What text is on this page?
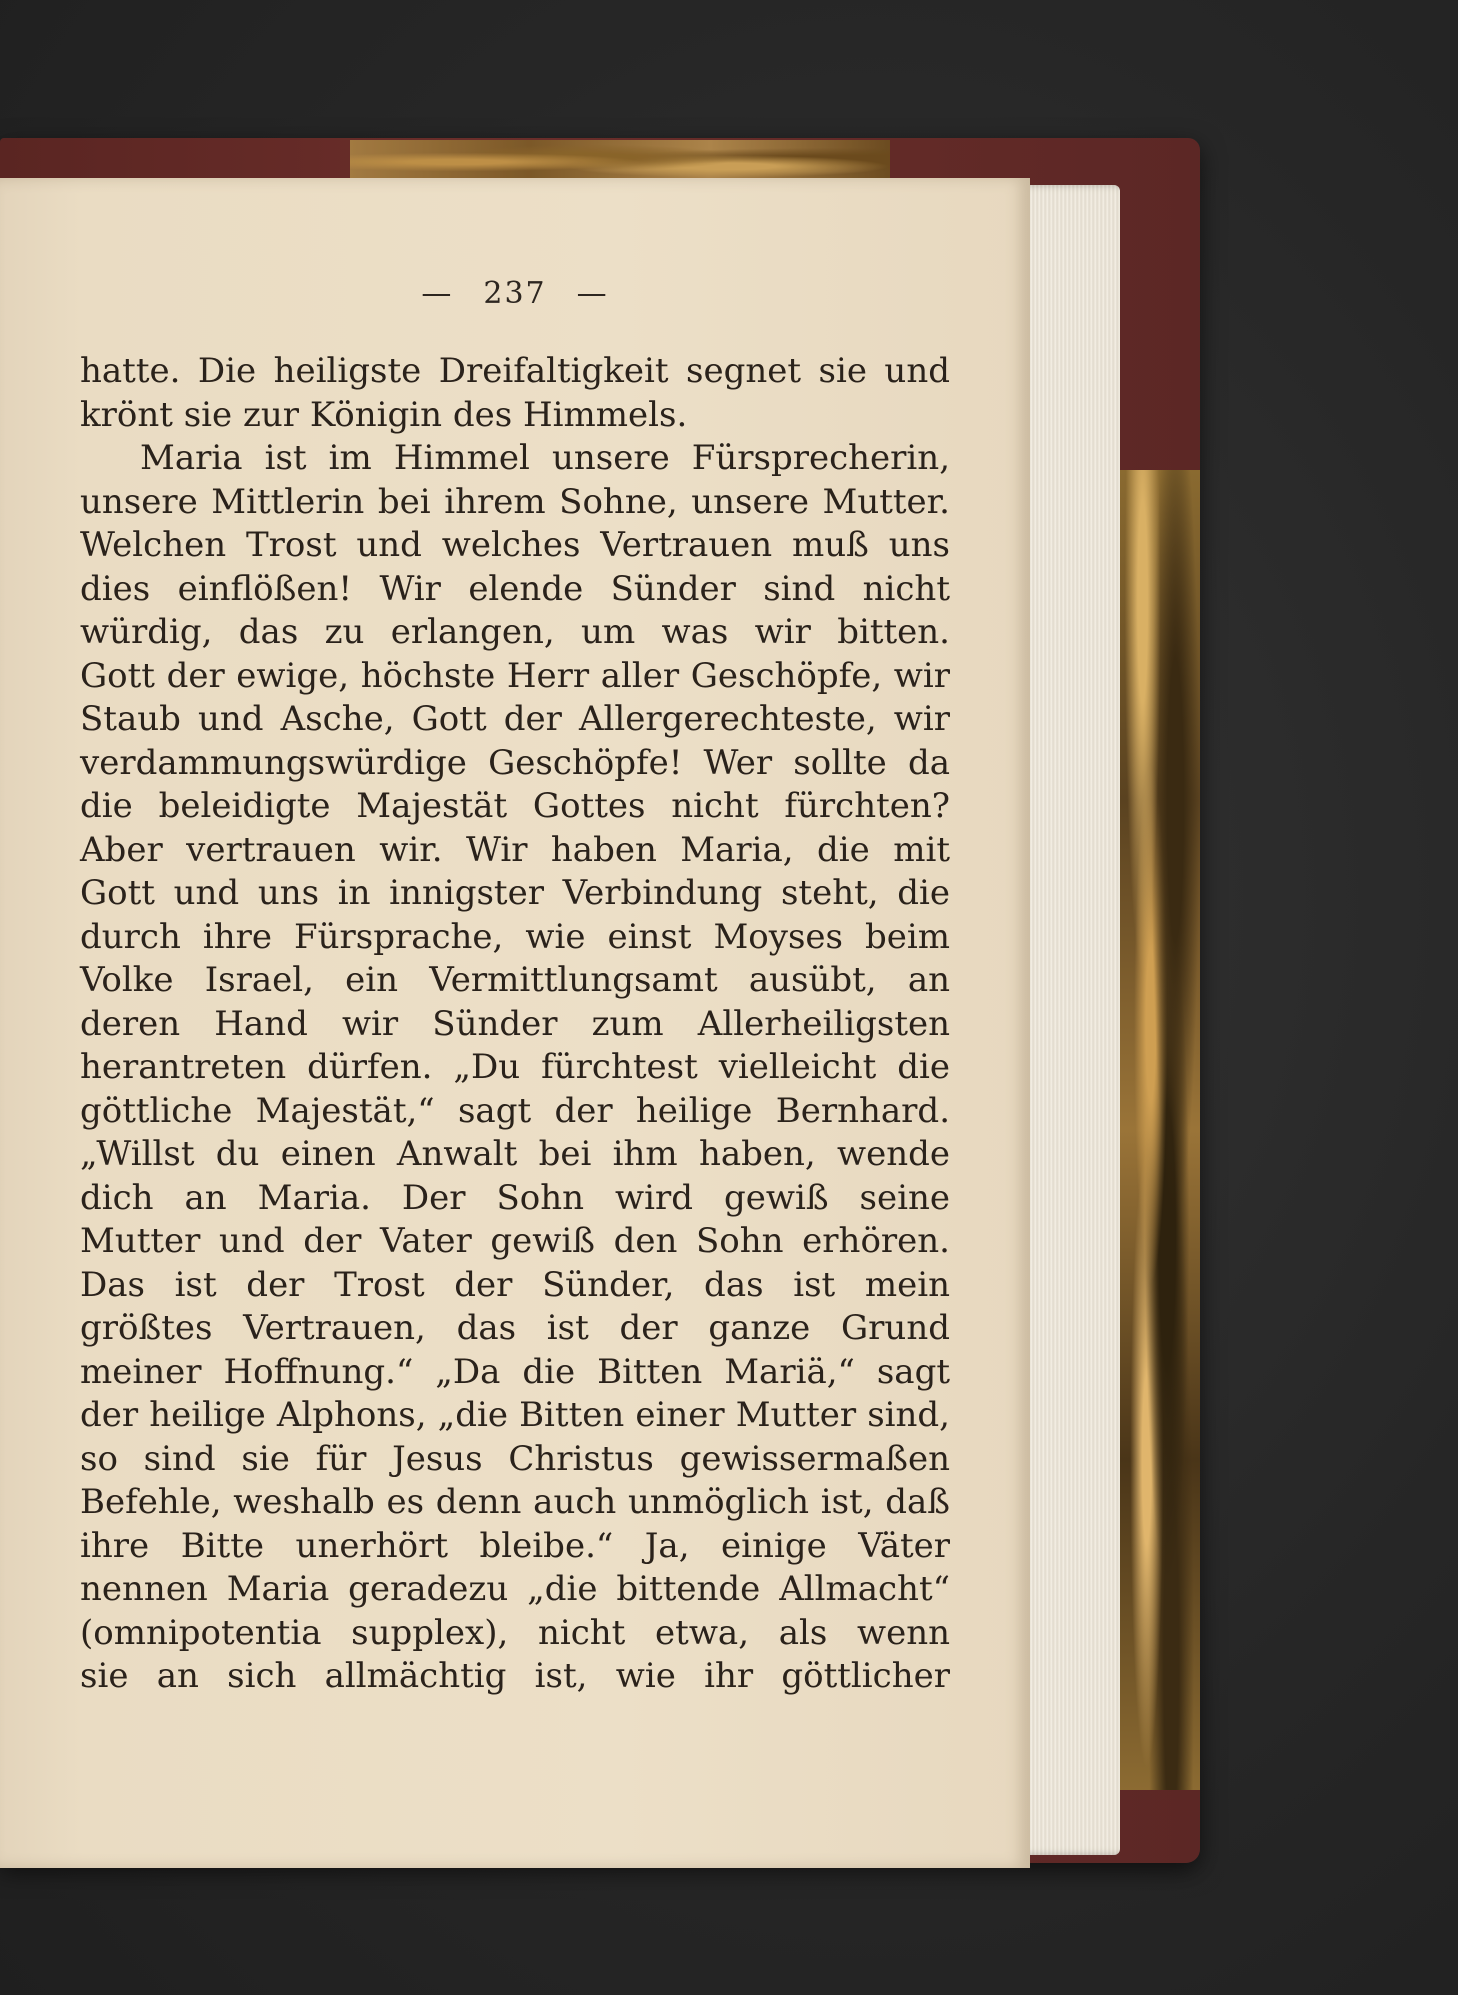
— 237 —
hatte. Die heiligste Dreifaltigkeit segnet sie und
krönt sie zur Königin des Himmels.
Maria ist im Himmel unsere Fürsprecherin,
unsere Mittlerin bei ihrem Sohne, unsere Mutter.
Welchen Trost und welches Vertrauen muß uns
dies einflößen! Wir elende Sünder sind nicht
würdig, das zu erlangen, um was wir bitten.
Gott der ewige, höchste Herr aller Geschöpfe, wir
Staub und Asche, Gott der Allergerechteste, wir
verdammungswürdige Geschöpfe! Wer sollte da
die beleidigte Majestät Gottes nicht fürchten?
Aber vertrauen wir. Wir haben Maria, die mit
Gott und uns in innigster Verbindung steht, die
durch ihre Fürsprache, wie einst Moyses beim
Volke Israel, ein Vermittlungsamt ausübt, an
deren Hand wir Sünder zum Allerheiligsten
herantreten dürfen. „Du fürchtest vielleicht die
göttliche Majestät,“ sagt der heilige Bernhard.
„Willst du einen Anwalt bei ihm haben, wende
dich an Maria. Der Sohn wird gewiß seine
Mutter und der Vater gewiß den Sohn erhören.
Das ist der Trost der Sünder, das ist mein
größtes Vertrauen, das ist der ganze Grund
meiner Hoffnung.“ „Da die Bitten Mariä,“ sagt
der heilige Alphons, „die Bitten einer Mutter sind,
so sind sie für Jesus Christus gewissermaßen
Befehle, weshalb es denn auch unmöglich ist, daß
ihre Bitte unerhört bleibe.“ Ja, einige Väter
nennen Maria geradezu „die bittende Allmacht“
(omnipotentia supplex), nicht etwa, als wenn
sie an sich allmächtig ist, wie ihr göttlicher
